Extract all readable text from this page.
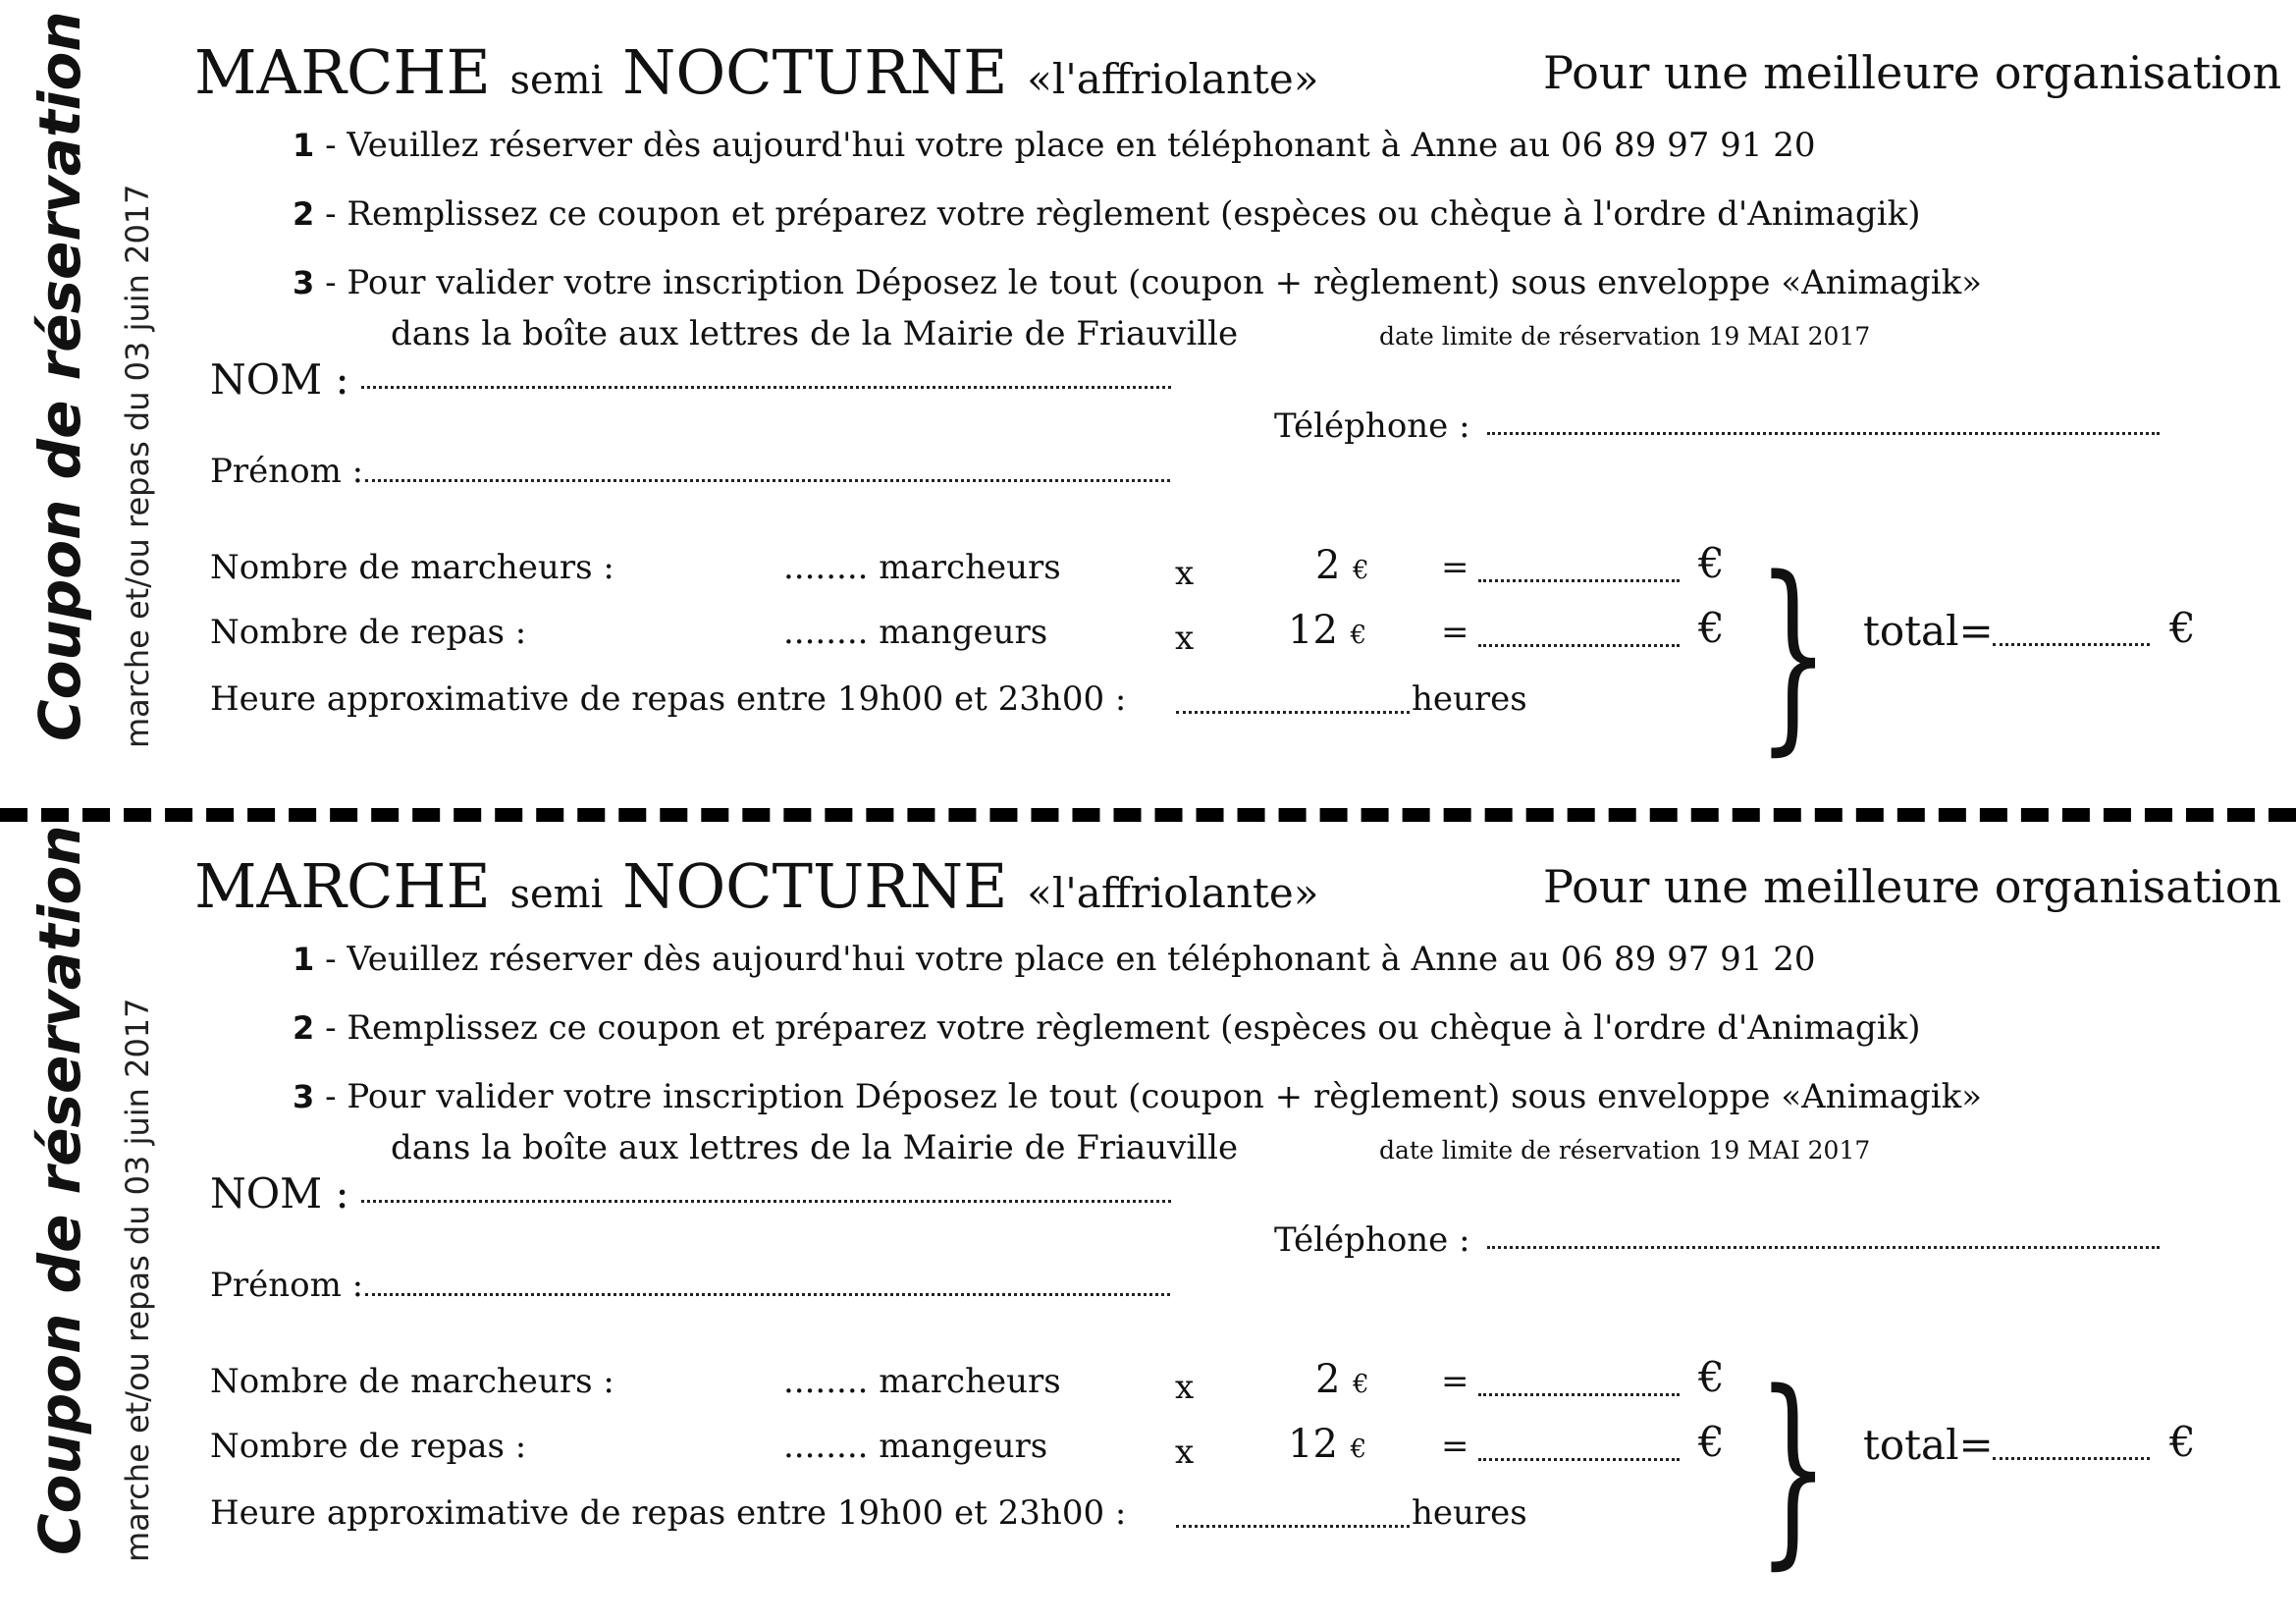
Coupon de réservation marche et/ou repas du 03 juin 2017
MARCHE semi NOCTURNE «l'affriolante»	Pour une meilleure organisation
1 - Veuillez réserver dès aujourd'hui votre place en téléphonant à Anne au 06 89 97 91 20
2 - Remplissez ce coupon et préparez votre règlement (espèces ou chèque à l'ordre d'Animagik)
3 - Pour valider votre inscription Déposez le tout (coupon + règlement) sous enveloppe «Animagik»
dans la boîte aux lettres de la Mairie de Friauville	date limite de réservation 19 MAI 2017
NOM :
Téléphone :
Prénom :
Nombre de marcheurs :	........ marcheurs	x	2 € =	€
Nombre de repas :	........ mangeurs	x 12 € =	€
Heure approximative de repas entre 19h00 et 23h00 :	heures } total=	€
Coupon de réservation marche et/ou repas du 03 juin 2017
MARCHE semi NOCTURNE «l'affriolante»	Pour une meilleure organisation
1 - Veuillez réserver dès aujourd'hui votre place en téléphonant à Anne au 06 89 97 91 20
2 - Remplissez ce coupon et préparez votre règlement (espèces ou chèque à l'ordre d'Animagik)
3 - Pour valider votre inscription Déposez le tout (coupon + règlement) sous enveloppe «Animagik»
dans la boîte aux lettres de la Mairie de Friauville	date limite de réservation 19 MAI 2017
NOM :
Téléphone :
Prénom :
Nombre de marcheurs :	........ marcheurs	x	2 € =	€
Nombre de repas :	........ mangeurs	x 12 € =	€
Heure approximative de repas entre 19h00 et 23h00 :	heures } total=	€
